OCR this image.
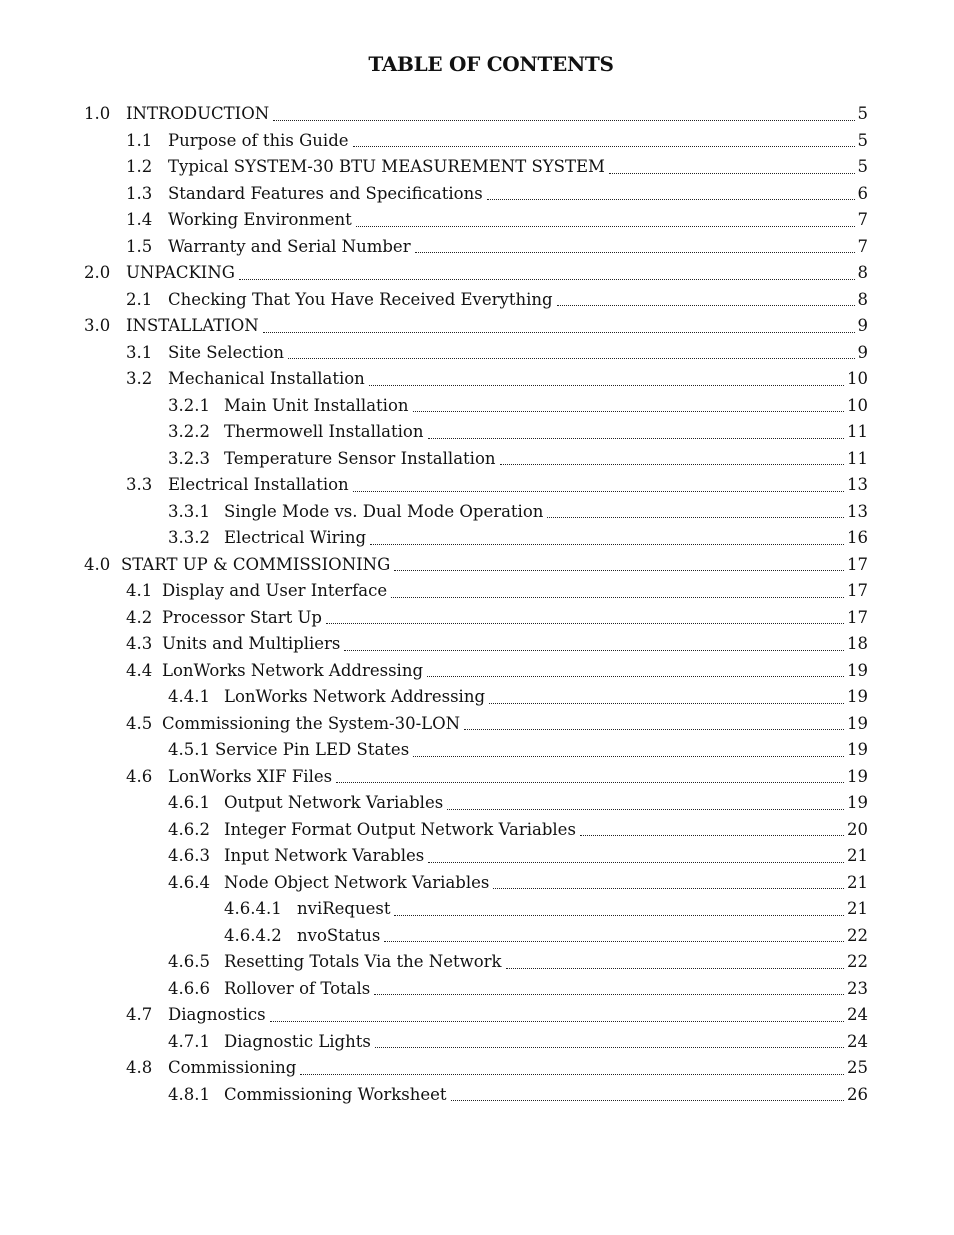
TABLE OF CONTENTS
1.0 INTRODUCTION	5
1.1 Purpose of this Guide	5
1.2 Typical SYSTEM-30 BTU MEASUREMENT SYSTEM	5
1.3 Standard Features and Specifications	6
1.4 Working Environment	7
1.5 Warranty and Serial Number	7
2.0 UNPACKING	8
2.1 Checking That You Have Received Everything	8
3.0 INSTALLATION	9
3.1 Site Selection	9
3.2 Mechanical Installation	10
3.2.1 Main Unit Installation	10
3.2.2 Thermowell Installation	11
3.2.3 Temperature Sensor Installation	11
3.3 Electrical Installation	13
3.3.1 Single Mode vs. Dual Mode Operation	13
3.3.2 Electrical Wiring	16
4.0 START UP & COMMISSIONING	17
4.1 Display and User Interface	17
4.2 Processor Start Up	17
4.3 Units and Multipliers	18
4.4 LonWorks Network Addressing	19
4.4.1 LonWorks Network Addressing	19
4.5 Commissioning the System-30-LON	19
4.5.1 Service Pin LED States	19
4.6 LonWorks XIF Files	19
4.6.1 Output Network Variables	19
4.6.2 Integer Format Output Network Variables	20
4.6.3 Input Network Varables	21
4.6.4 Node Object Network Variables	21
4.6.4.1 nviRequest	21
4.6.4.2 nvoStatus	22
4.6.5 Resetting Totals Via the Network	22
4.6.6 Rollover of Totals	23
4.7 Diagnostics	24
4.7.1 Diagnostic Lights	24
4.8 Commissioning	25
4.8.1 Commissioning Worksheet	26
